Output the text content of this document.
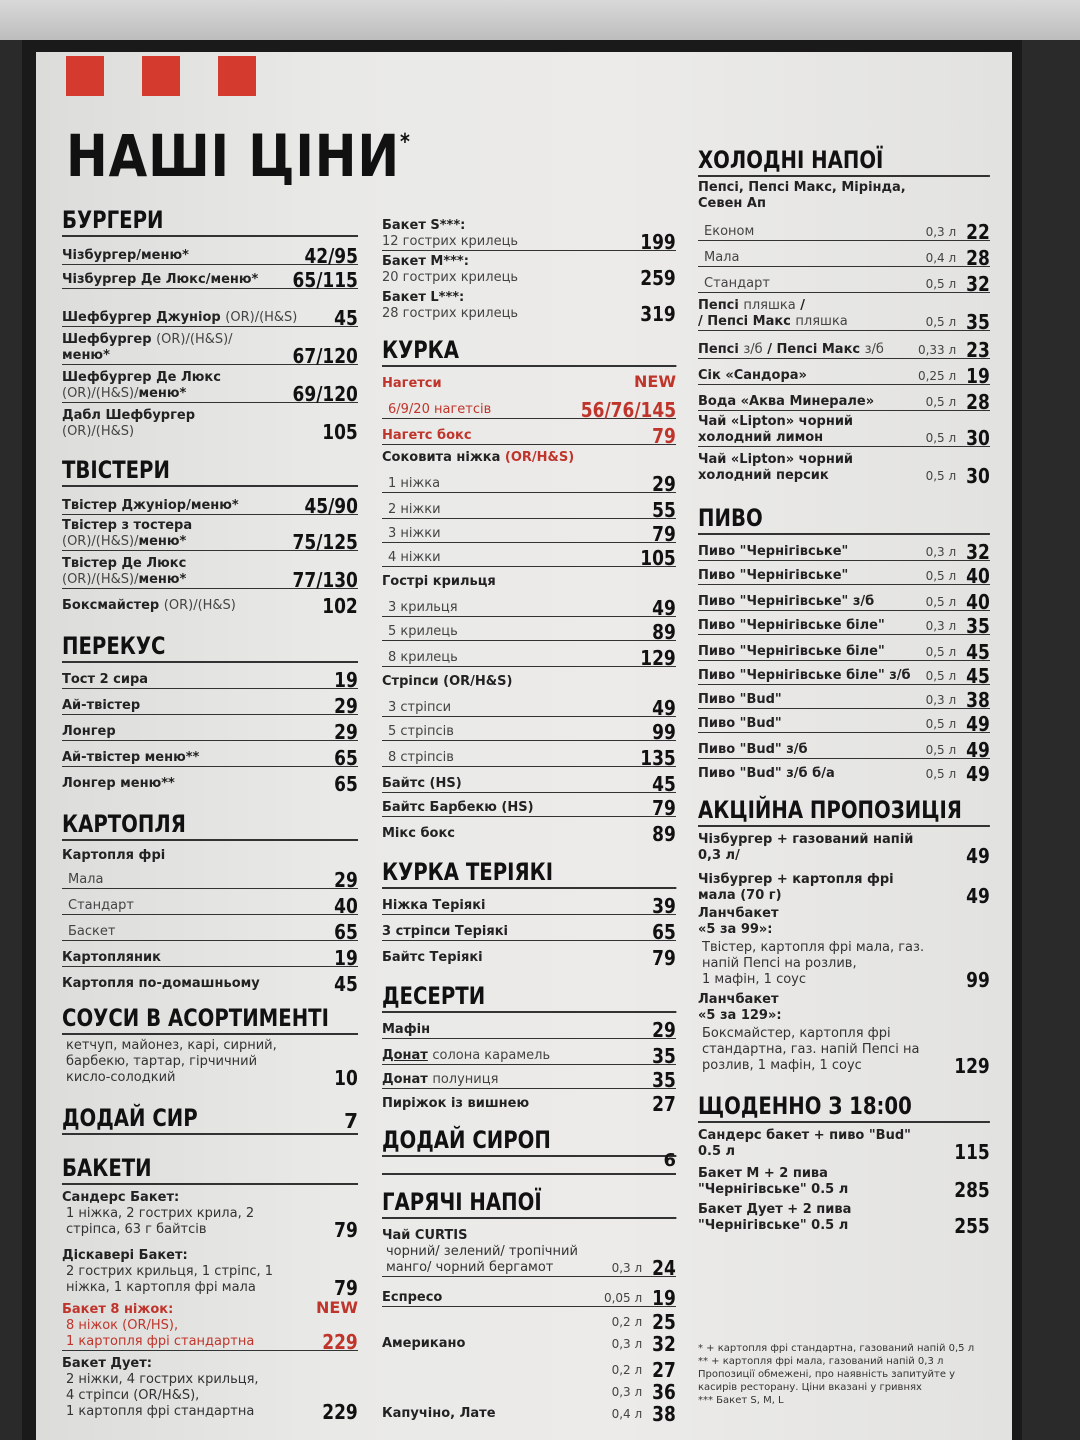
НАШІ ЦІНИ*
БУРГЕРИ
Чізбургер/меню*	42/95
Чізбургер Де Люкс/меню*	65/115
Шефбургер Джуніор (OR)/(H&S)	45
Шефбургер (OR)/(H&S)/
меню*	67/120
Шефбургер Де Люкс
(OR)/(H&S)/меню*	69/120
Дабл Шефбургер
(OR)/(H&S)	105
ТВІСТЕРИ
Твістер Джуніор/меню*	45/90
Твістер з тостера
(OR)/(H&S)/меню*	75/125
Твістер Де Люкс
(OR)/(H&S)/меню*	77/130
Боксмайстер (OR)/(H&S)	102
ПЕРЕКУС
Тост 2 сира	19
Ай-твістер	29
Лонгер	29
Ай-твістер меню**	65
Лонгер меню**	65
КАРТОПЛЯ
Картопля фрі
Мала	29
Стандарт	40
Баскет	65
Картопляник	19
Картопля по-домашньому	45
СОУСИ В АСОРТИМЕНТІ
кетчуп, майонез, карі, сирний,
барбекю, тартар, гірчичний
кисло-солодкий	10
ДОДАЙ СИР	7
БАКЕТИ
Сандерс Бакет:
1 ніжка, 2 гострих крила, 2
стріпса, 63 г байтсів	79
Діскавері Бакет:
2 гострих крильця, 1 стріпс, 1
ніжка, 1 картопля фрі мала	79
Бакет 8 ніжок:	NEW
8 ніжок (OR/HS),
1 картопля фрі стандартна	229
Бакет Дует:
2 ніжки, 4 гострих крильця,
4 стріпси (OR/H&S),
1 картопля фрі стандартна	229
Бакет S***:
12 гострих крилець	199
Бакет M***:
20 гострих крилець	259
Бакет L***:
28 гострих крилець	319
КУРКА
Нагетси	NEW
6/9/20 нагетсів	56/76/145
Нагетс бокс	79
Соковита ніжка (OR/H&S)
1 ніжка	29
2 ніжки	55
3 ніжки	79
4 ніжки	105
Гострі крильця
3 крильця	49
5 крилець	89
8 крилець	129
Стріпси (OR/H&S)
3 стріпси	49
5 стріпсів	99
8 стріпсів	135
Байтс (HS)	45
Байтс Барбекю (HS)	79
Мікс бокс	89
КУРКА ТЕРІЯКІ
Ніжка Теріякі	39
3 стріпси Теріякі	65
Байтс Теріякі	79
ДЕСЕРТИ
Мафін	29
Донат солона карамель	35
Донат полуниця	35
Пиріжок із вишнею	27
ДОДАЙ СИРОП
6
ГАРЯЧІ НАПОЇ
Чай CURTIS
чорний/ зелений/ тропічний
манго/ чорний бергамот	0,3 л 24
Еспресо	0,05 л 19
0,2 л 25
Американо	0,3 л 32
0,2 л 27
0,3 л 36
Капучіно, Лате	0,4 л 38
ХОЛОДНІ НАПОЇ
Пепсі, Пепсі Макс, Мірінда,
Севен Ап
Економ	0,3 л 22
Мала	0,4 л 28
Стандарт	0,5 л 32
Пепсі пляшка /
/ Пепсі Макс пляшка	0,5 л 35
Пепсі з/б / Пепсі Макс з/б	0,33 л 23
Сік «Сандора»	0,25 л 19
Вода «Аква Минерале»	0,5 л 28
Чай «Lipton» чорний
холодний лимон	0,5 л 30
Чай «Lipton» чорний
холодний персик	0,5 л 30
ПИВО
Пиво "Чернігівське"	0,3 л 32
Пиво "Чернігівське"	0,5 л 40
Пиво "Чернігівське" з/б	0,5 л 40
Пиво "Чернігівське біле"	0,3 л 35
Пиво "Чернігівське біле"	0,5 л 45
Пиво "Чернігівське біле" з/б	0,5 л 45
Пиво "Bud"	0,3 л 38
Пиво "Bud"	0,5 л 49
Пиво "Bud" з/б	0,5 л 49
Пиво "Bud" з/б б/а	0,5 л 49
АКЦІЙНА ПРОПОЗИЦІЯ
Чізбургер + газований напій
0,3 л/	49
Чізбургер + картопля фрі
мала (70 г)	49
Ланчбакет
«5 за 99»:
Твістер, картопля фрі мала, газ.
напій Пепсі на розлив,
1 мафін, 1 соус	99
Ланчбакет
«5 за 129»:
Боксмайстер, картопля фрі
стандартна, газ. напій Пепсі на
розлив, 1 мафін, 1 соус	129
ЩОДЕННО З 18:00
Сандерс бакет + пиво "Bud"
0.5 л	115
Бакет М + 2 пива
"Чернігівське" 0.5 л	285
Бакет Дует + 2 пива
"Чернігівське" 0.5 л	255
* + картопля фрі стандартна, газований напій 0,5 л
** + картопля фрі мала, газований напій 0,3 л
Пропозиції обмежені, про наявність запитуйте у
касирів ресторану. Ціни вказані у гривнях
*** Бакет S, M, L
